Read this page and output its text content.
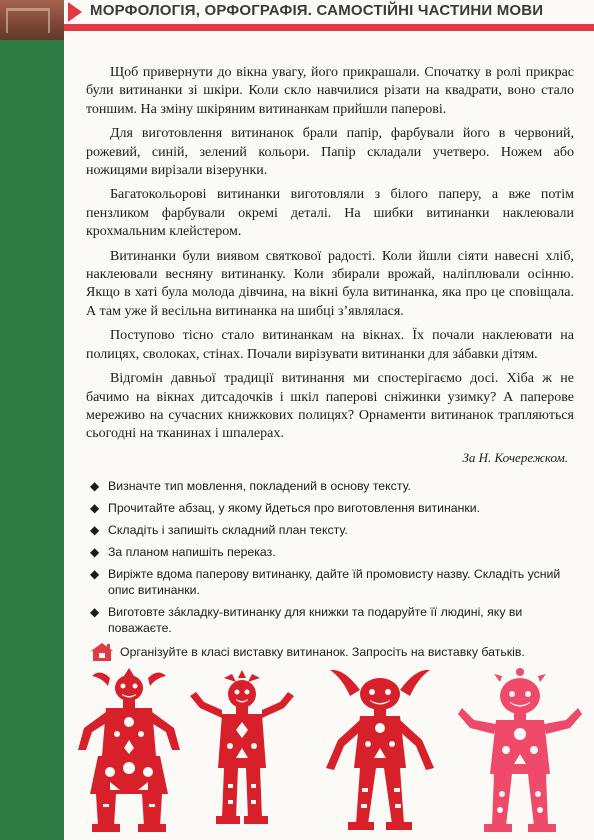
МОРФОЛОГІЯ, ОРФОГРАФІЯ. САМОСТІЙНІ ЧАСТИНИ МОВИ

Щоб привернути до вікна увагу, його прикрашали. Спочатку в ролі прикрас були витинанки зі шкіри. Коли скло навчилися різати на квадрати, воно стало тоншим. На зміну шкіряним витинанкам прийшли паперові.

Для виготовлення витинанок брали папір, фарбували його в червоний, рожевий, синій, зелений кольори. Папір складали учетверо. Ножем або ножицями вирізали візерунки.

Багатокольорові витинанки виготовляли з білого паперу, а вже потім пензликом фарбували окремі деталі. На шибки витинанки наклеювали крохмальним клейстером.

Витинанки були виявом святкової радості. Коли йшли сіяти навесні хліб, наклеювали весняну витинанку. Коли збирали врожай, наліплювали осінню. Якщо в хаті була молода дівчина, на вікні була витинанка, яка про це сповіщала. А там уже й весільна витинанка на шибці з’являлася.

Поступово тісно стало витинанкам на вікнах. Їх почали наклеювати на полицях, сволоках, стінах. Почали вирізувати витинанки для зáбавки дітям.

Відгомін давньої традиції витинання ми спостерігаємо досі. Хіба ж не бачимо на вікнах дитсадочків і шкіл паперові сніжинки узимку? А паперове мереживо на сучасних книжкових полицях? Орнаменти витинанок трапляються сьогодні на тканинах і шпалерах.

За Н. Кочережком.
◆ Визначте тип мовлення, покладений в основу тексту.
◆ Прочитайте абзац, у якому йдеться про виготовлення витинанки.
◆ Складіть і запишіть складний план тексту.
◆ За планом напишіть переказ.
◆ Виріжте вдома паперову витинанку, дайте їй промовисту назву. Складіть усний опис витинанки.
◆ Виготовте зáкладку-витинанку для книжки та подаруйте її людині, яку ви поважаєте.
Організуйте в класі виставку витинанок. Запросіть на виставку батьків.
